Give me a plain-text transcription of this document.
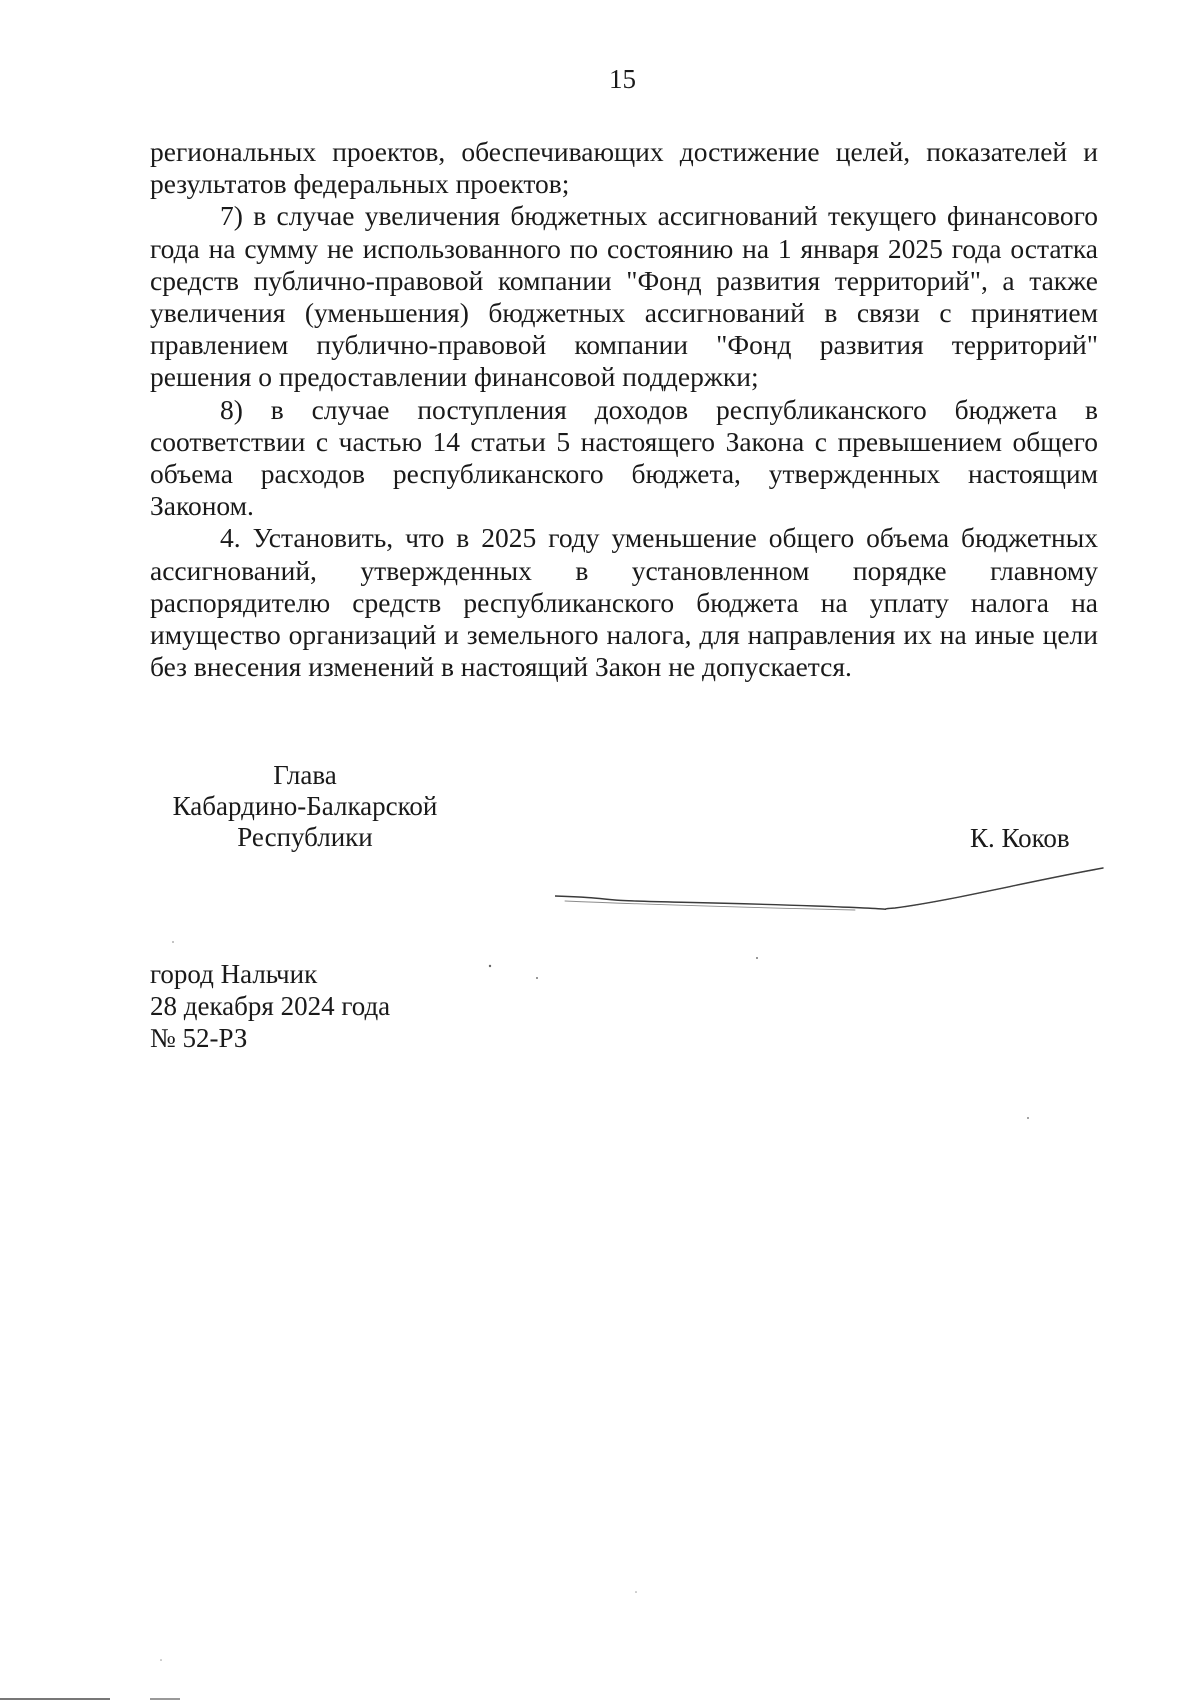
15

региональных проектов, обеспечивающих достижение целей, показателей и результатов федеральных проектов;

7) в случае увеличения бюджетных ассигнований текущего финансового года на сумму не использованного по состоянию на 1 января 2025 года остатка средств публично-правовой компании "Фонд развития территорий", а также увеличения (уменьшения) бюджетных ассигнований в связи с принятием правлением публично-правовой компании "Фонд развития территорий" решения о предоставлении финансовой поддержки;

8) в случае поступления доходов республиканского бюджета в соответствии с частью 14 статьи 5 настоящего Закона с превышением общего объема расходов республиканского бюджета, утвержденных настоящим Законом.

4. Установить, что в 2025 году уменьшение общего объема бюджетных ассигнований, утвержденных в установленном порядке главному распорядителю средств республиканского бюджета на уплату налога на имущество организаций и земельного налога, для направления их на иные цели без внесения изменений в настоящий Закон не допускается.

Глава
Кабардино-Балкарской
Республики	К. Коков
город Нальчик
28 декабря 2024 года
№ 52-РЗ
